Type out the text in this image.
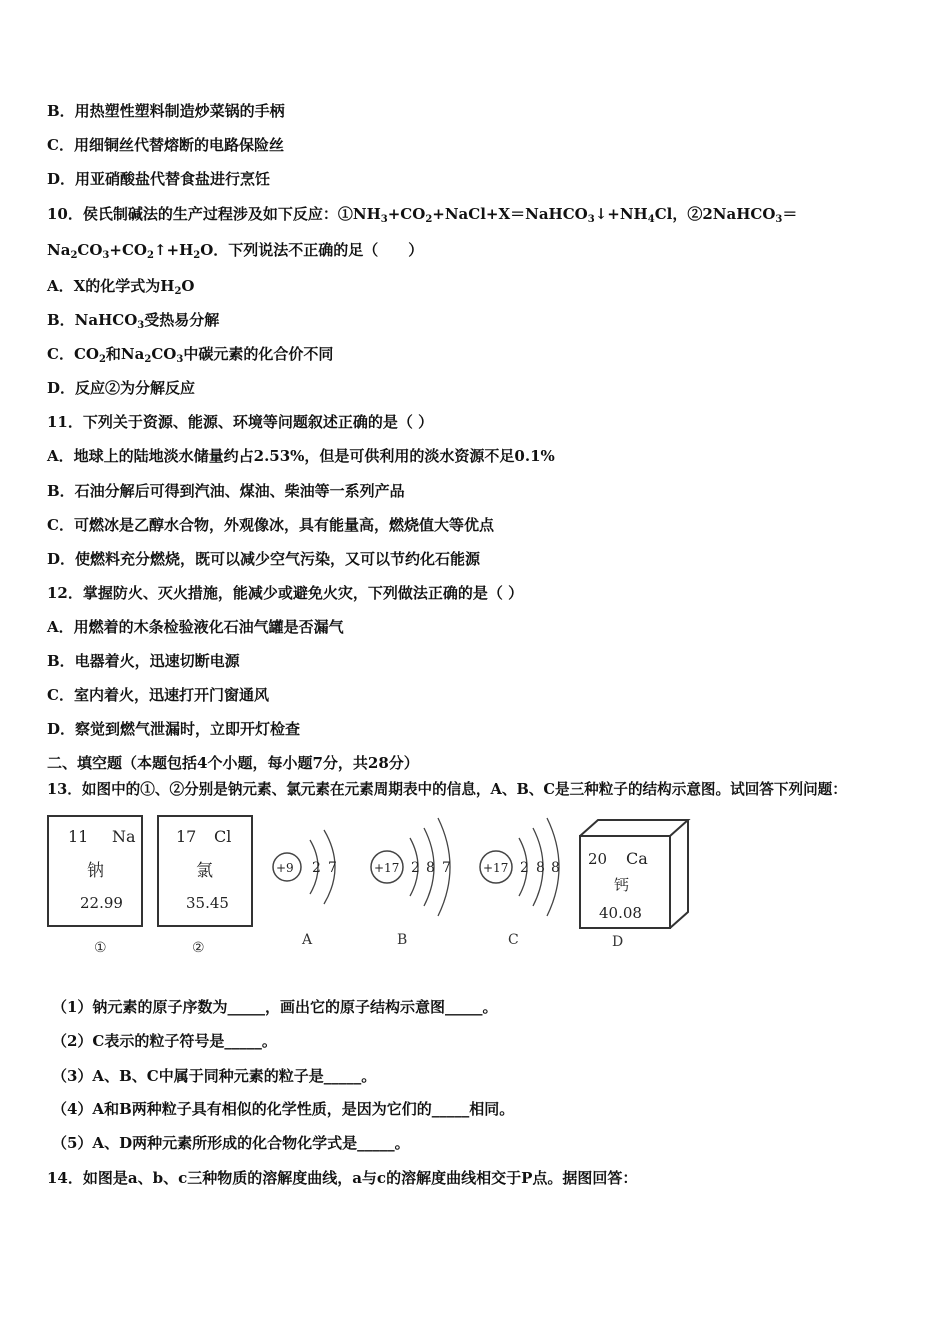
B．用热塑性塑料制造炒菜锅的手柄
C．用细铜丝代替熔断的电路保险丝
D．用亚硝酸盐代替食盐进行烹饪
10．侯氏制碱法的生产过程涉及如下反应：$①NH_3+CO_2+NaCl+X=NaHCO_3↓+NH_4Cl$，②2NaHCO$_3$＝
$Na_2CO_3+CO_2↑+H_2O$．下列说法不正确的足（　　）
A．X的化学式为$H_2O$
B．NaHCO$_3$受热易分解
C．$CO_2$和$Na_2CO_3$中碳元素的化合价不同
D．反应②为分解反应
11．下列关于资源、能源、环境等问题叙述正确的是（ ）
A．地球上的陆地淡水储量约占2.53%，但是可供利用的淡水资源不足0.1%
B．石油分解后可得到汽油、煤油、柴油等一系列产品
C．可燃冰是乙醇水合物，外观像冰，具有能量高，燃烧值大等优点
D．使燃料充分燃烧，既可以减少空气污染，又可以节约化石能源
12．掌握防火、灭火措施，能减少或避免火灾，下列做法正确的是（ ）
A．用燃着的木条检验液化石油气罐是否漏气
B．电器着火，迅速切断电源
C．室内着火，迅速打开门窗通风
D．察觉到燃气泄漏时，立即开灯检查
二、填空题（本题包括4个小题，每小题7分，共28分）
13．如图中的①、②分别是钠元素、氯元素在元素周期表中的信息，A、B、C是三种粒子的结构示意图。试回答下列问题：
11 Na
钠
22.99
①
17 Cl
氯
35.45
②
+9 2 7
A
+17 2 8 7
B
+17 2 8 8
C
20 Ca
钙
40.08
D
（1）钠元素的原子序数为_____，画出它的原子结构示意图_____。
（2）C表示的粒子符号是_____。
（3）A、B、C中属于同种元素的粒子是_____。
（4）A和B两种粒子具有相似的化学性质，是因为它们的_____相同。
（5）A、D两种元素所形成的化合物化学式是_____。
14．如图是a、b、c三种物质的溶解度曲线，a与c的溶解度曲线相交于P点。据图回答：
